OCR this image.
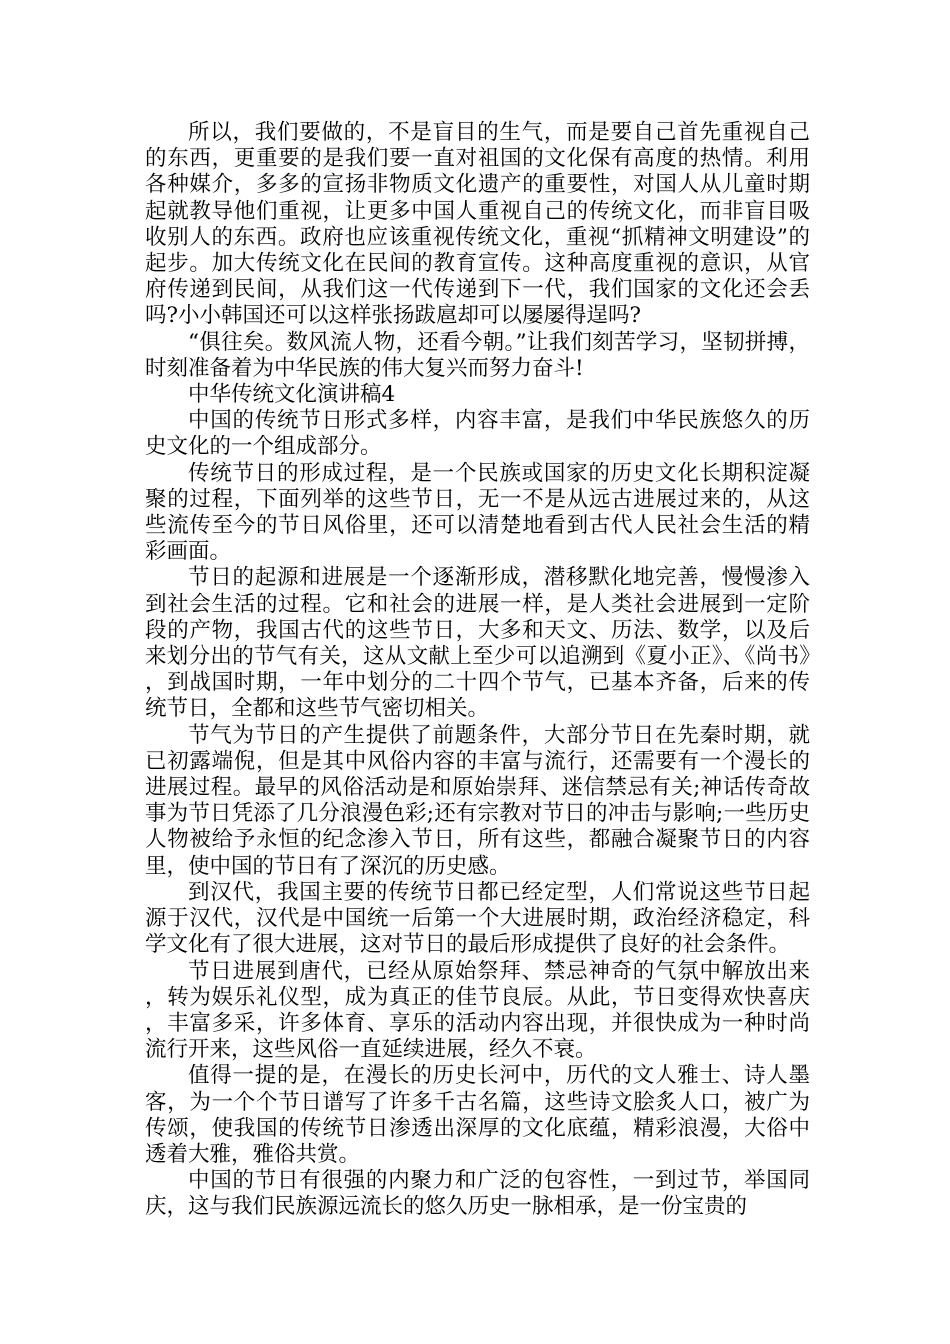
所以，我们要做的，不是盲目的生气，而是要自己首先重视自己的东西，更重要的是我们要一直对祖国的文化保有高度的热情。利用各种媒介，多多的宣扬非物质文化遗产的重要性，对国人从儿童时期起就教导他们重视，让更多中国人重视自己的传统文化，而非盲目吸收别人的东西。政府也应该重视传统文化，重视“抓精神文明建设”的起步。加大传统文化在民间的教育宣传。这种高度重视的意识，从官府传递到民间，从我们这一代传递到下一代，我们国家的文化还会丢吗?小小韩国还可以这样张扬跋扈却可以屡屡得逞吗?

“俱往矣。数风流人物，还看今朝。”让我们刻苦学习，坚韧拼搏，时刻准备着为中华民族的伟大复兴而努力奋斗!

中华传统文化演讲稿4

中国的传统节日形式多样，内容丰富，是我们中华民族悠久的历史文化的一个组成部分。

传统节日的形成过程，是一个民族或国家的历史文化长期积淀凝聚的过程，下面列举的这些节日，无一不是从远古进展过来的，从这些流传至今的节日风俗里，还可以清楚地看到古代人民社会生活的精彩画面。

节日的起源和进展是一个逐渐形成，潜移默化地完善，慢慢渗入到社会生活的过程。它和社会的进展一样，是人类社会进展到一定阶段的产物，我国古代的这些节日，大多和天文、历法、数学，以及后来划分出的节气有关，这从文献上至少可以追溯到《夏小正》、《尚书》，到战国时期，一年中划分的二十四个节气，已基本齐备，后来的传统节日，全都和这些节气密切相关。

节气为节日的产生提供了前题条件，大部分节日在先秦时期，就已初露端倪，但是其中风俗内容的丰富与流行，还需要有一个漫长的进展过程。最早的风俗活动是和原始崇拜、迷信禁忌有关;神话传奇故事为节日凭添了几分浪漫色彩;还有宗教对节日的冲击与影响;一些历史人物被给予永恒的纪念渗入节日，所有这些，都融合凝聚节日的内容里，使中国的节日有了深沉的历史感。

到汉代，我国主要的传统节日都已经定型，人们常说这些节日起源于汉代，汉代是中国统一后第一个大进展时期，政治经济稳定，科学文化有了很大进展，这对节日的最后形成提供了良好的社会条件。

节日进展到唐代，已经从原始祭拜、禁忌神奇的气氛中解放出来，转为娱乐礼仪型，成为真正的佳节良辰。从此，节日变得欢快喜庆，丰富多采，许多体育、享乐的活动内容出现，并很快成为一种时尚流行开来，这些风俗一直延续进展，经久不衰。

值得一提的是，在漫长的历史长河中，历代的文人雅士、诗人墨客，为一个个节日谱写了许多千古名篇，这些诗文脍炙人口，被广为传颂，使我国的传统节日渗透出深厚的文化底蕴，精彩浪漫，大俗中透着大雅，雅俗共赏。

中国的节日有很强的内聚力和广泛的包容性，一到过节，举国同庆，这与我们民族源远流长的悠久历史一脉相承，是一份宝贵的
